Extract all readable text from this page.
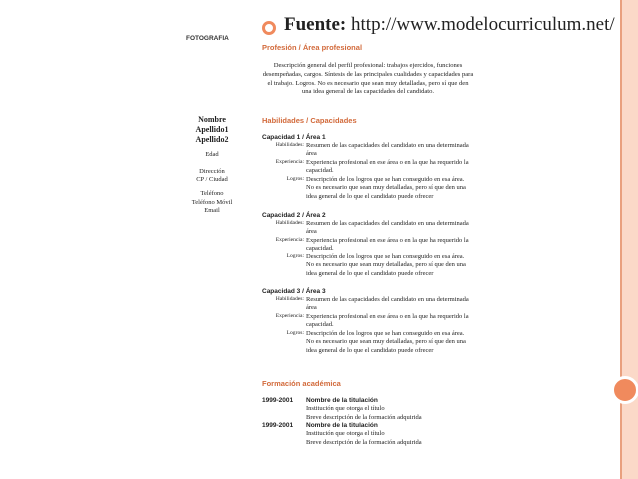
FOTOGRAFIA
Nombre
Apellido1
Apellido2
Edad
Dirección
CP / Ciudad
Teléfono
Teléfono Móvil
Email
Fuente: http://www.modelocurriculum.net/
Profesión / Área profesional
Descripción general del perfil profesional: trabajos ejercidos, funciones desempeñadas, cargos. Síntesis de las principales cualidades y capacidades para el trabajo. Logros. No es necesario que sean muy detalladas, pero sí que den una idea general de las capacidades del candidato.
Habilidades / Capacidades
Capacidad 1 / Área 1
Habilidades: Resumen de las capacidades del candidato en una determinada área
Experiencia: Experiencia profesional en ese área o en la que ha requerido la capacidad.
Logros: Descripción de los logros que se han conseguido en esa área. No es necesario que sean muy detalladas, pero sí que den una idea general de lo que el candidato puede ofrecer
Capacidad 2 / Área 2
Habilidades: Resumen de las capacidades del candidato en una determinada área
Experiencia: Experiencia profesional en ese área o en la que ha requerido la capacidad.
Logros: Descripción de los logros que se han conseguido en esa área. No es necesario que sean muy detalladas, pero sí que den una idea general de lo que el candidato puede ofrecer
Capacidad 3 / Área 3
Habilidades: Resumen de las capacidades del candidato en una determinada área
Experiencia: Experiencia profesional en ese área o en la que ha requerido la capacidad.
Logros: Descripción de los logros que se han conseguido en esa área. No es necesario que sean muy detalladas, pero sí que den una idea general de lo que el candidato puede ofrecer
Formación académica
1999-2001 Nombre de la titulación
Institución que otorga el título
Breve descripción de la formación adquirida
1999-2001 Nombre de la titulación
Institución que otorga el título
Breve descripción de la formación adquirida
